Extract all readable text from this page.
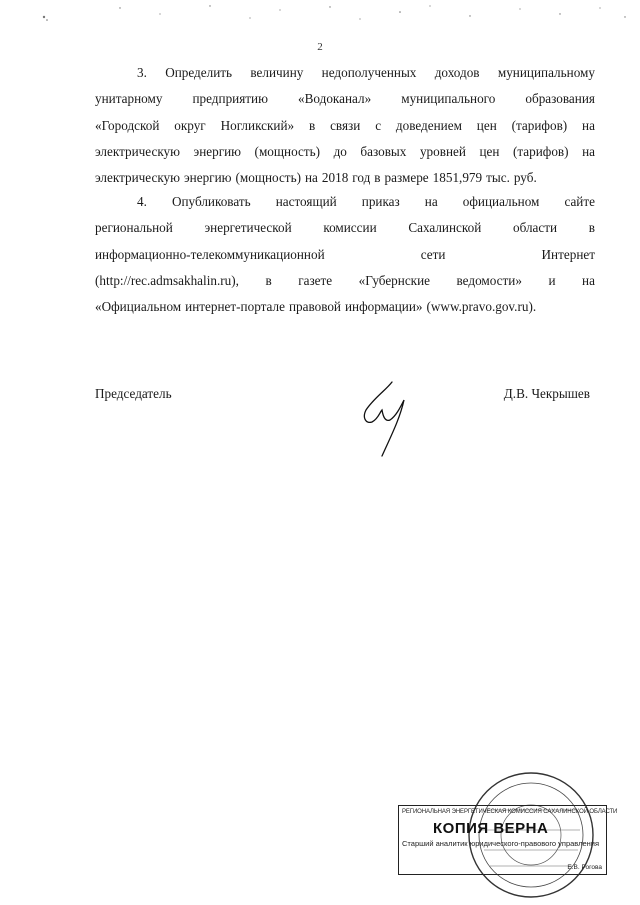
2
3. Определить величину недополученных доходов муниципальному
унитарному предприятию «Водоканал» муниципального образования
«Городской округ Ногликский» в связи с доведением цен (тарифов) на
электрическую энергию (мощность) до базовых уровней цен (тарифов) на
электрическую энергию (мощность) на 2018 год в размере 1851,979 тыс. руб.
4. Опубликовать настоящий приказ на официальном сайте
региональной энергетической комиссии Сахалинской области в
информационно-телекоммуникационной	сети	Интернет
(http://rec.admsakhalin.ru), в газете «Губернские ведомости» и на
«Официальном интернет-портале правовой информации» (www.pravo.gov.ru).
Председатель	Д.В. Чекрышев
РЕГИОНАЛЬНАЯ ЭНЕРГЕТИЧЕСКАЯ КОМИССИЯ САХАЛИНСКОЙ ОБЛАСТИ
КОПИЯ ВЕРНА
Старший аналитик юридического-правового управления
Е.В. Рогова
